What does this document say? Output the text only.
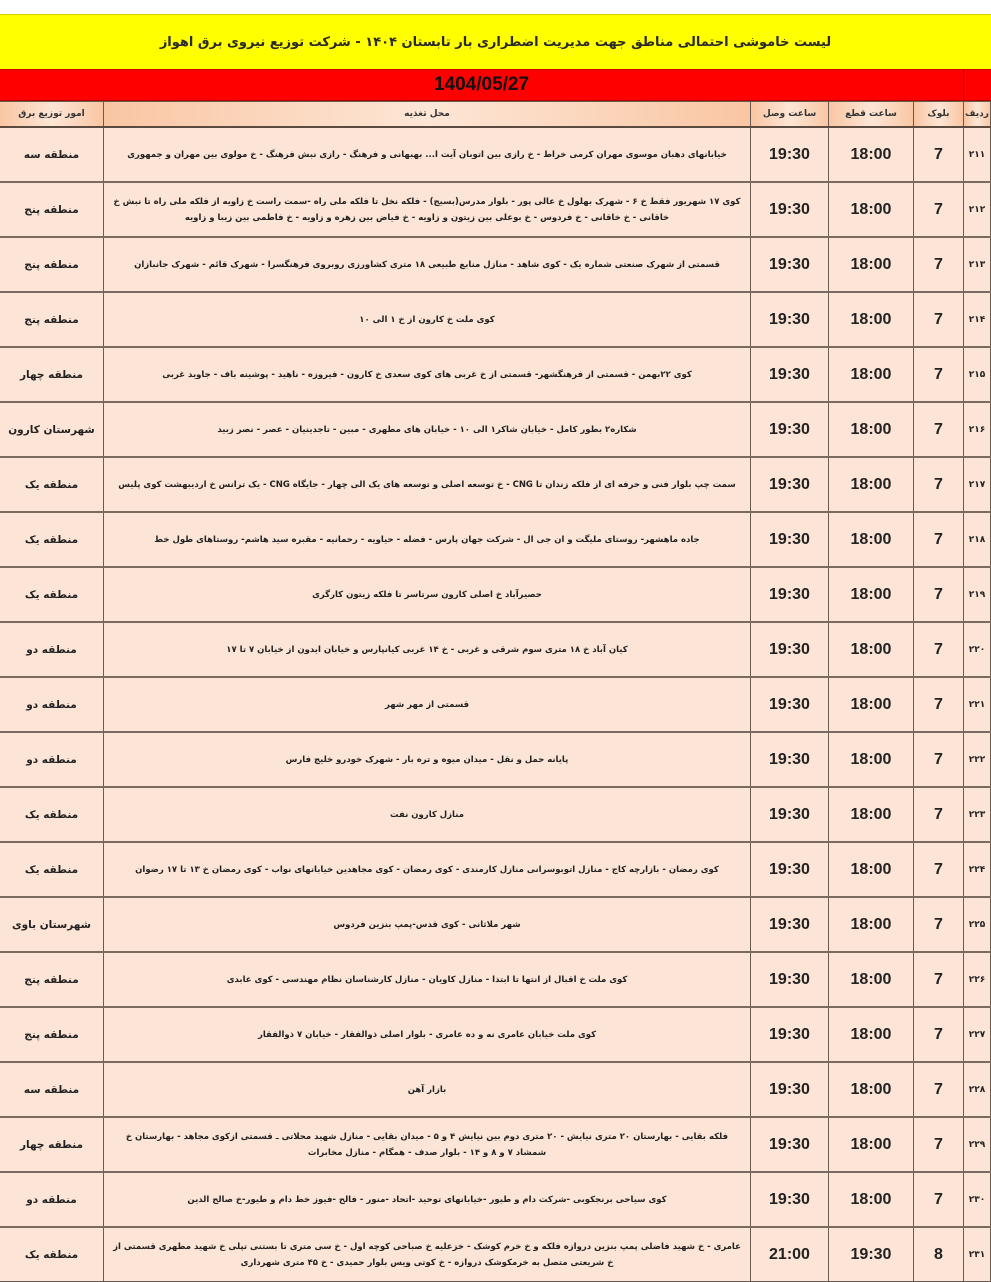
لیست خاموشی احتمالی مناطق جهت مدیریت اضطراری بار تابستان ۱۴۰۴ - شرکت توزیع نیروی برق اهواز
1404/05/27
ردیف	بلوک	ساعت قطع	ساعت وصل	محل تغذیه	امور توزیع برق
۲۱۱	7	18:00	19:30	خیابانهای دهبان موسوی مهران کرمی خراط - خ رازی بین اتوبان آیت ا... بهبهانی و فرهنگ - رازی نبش فرهنگ - خ مولوی بین مهران و جمهوری	منطقه سه
۲۱۲	7	18:00	19:30	کوی ۱۷ شهریور فقط خ ۶ - شهرک بهلول خ عالی پور - بلوار مدرس(بسیج) - فلکه نخل تا فلکه ملی راه -سمت راست خ زاویه از فلکه ملی راه تا نبش خ خاقانی - خ خاقانی - خ فردوس - خ بوعلی بین زیتون و زاویه - خ فیاض بین زهره و زاویه - خ فاطمی بین زیبا و زاویه	منطقه پنج
۲۱۳	7	18:00	19:30	قسمتی از شهرک صنعتی شماره یک - کوی شاهد - منازل منابع طبیعی ۱۸ متری کشاورزی روبروی فرهنگسرا - شهرک قائم - شهرک جانبازان	منطقه پنج
۲۱۴	7	18:00	19:30	کوی ملت خ کارون از خ ۱ الی ۱۰	منطقه پنج
۲۱۵	7	18:00	19:30	کوی ۲۲بهمن - قسمتی از فرهنگشهر- قسمتی از خ غربی های کوی سعدی خ کارون - فیروزه - ناهید - پوشینه باف - جاوید غربی	منطقه چهار
۲۱۶	7	18:00	19:30	شکاره۲ بطور کامل - خیابان شاکر۱ الی ۱۰ - خیابان های مطهری - مبین - تاجدینیان - عصر - نصر زبید	شهرستان کارون
۲۱۷	7	18:00	19:30	سمت چپ بلوار فنی و حرفه ای از فلکه زندان تا CNG - خ توسعه اصلی و توسعه های یک الی چهار - جایگاه CNG - یک ترانس خ اردیبهشت کوی پلیس	منطقه یک
۲۱۸	7	18:00	19:30	جاده ماهشهر- روستای ملیگت و ان جی ال - شرکت جهان پارس - فضله - حیاویه - رحمانیه - مقبره سید هاشم- روستاهای طول خط	منطقه یک
۲۱۹	7	18:00	19:30	حصیرآباد خ اصلی کارون سرتاسر تا فلکه زیتون کارگری	منطقه یک
۲۲۰	7	18:00	19:30	کیان آباد خ ۱۸ متری سوم شرقی و غربی - خ ۱۴ غربی کیانپارس و خیابان ایدون از خیابان ۷ تا ۱۷	منطقه دو
۲۲۱	7	18:00	19:30	قسمتی از مهر شهر	منطقه دو
۲۲۲	7	18:00	19:30	پایانه حمل و نقل - میدان میوه و تره بار - شهرک خودرو خلیج فارس	منطقه دو
۲۲۳	7	18:00	19:30	منازل کارون نفت	منطقه یک
۲۲۴	7	18:00	19:30	کوی رمضان - بازارچه کاج - منازل اتوبوسرانی منازل کارمندی - کوی رمضان - کوی مجاهدین خیابانهای نواب - کوی رمضان خ ۱۳ تا ۱۷ رضوان	منطقه یک
۲۲۵	7	18:00	19:30	شهر ملاثانی - کوی قدس-پمپ بنزین فردوس	شهرستان باوی
۲۲۶	7	18:00	19:30	کوی ملت خ اقبال از انتها تا ابتدا - منازل کاویان - منازل کارشناسان نظام مهندسی - کوی عابدی	منطقه پنج
۲۲۷	7	18:00	19:30	کوی ملت خیابان عامری نه و ده عامری - بلوار اصلی ذوالفقار - خیابان ۷ ذوالفقار	منطقه پنج
۲۲۸	7	18:00	19:30	بازار آهن	منطقه سه
۲۲۹	7	18:00	19:30	فلکه بقایی - بهارستان ۲۰ متری نیایش - ۲۰ متری دوم بین نیایش ۴ و ۵ - میدان بقایی - منازل شهید محلاتی ـ قسمتی ازکوی مجاهد - بهارستان خ شمشاد ۷ و ۸ و ۱۴ - بلوار صدف - همگام - منازل مخابرات	منطقه چهار
۲۳۰	7	18:00	19:30	کوی سیاحی برنجکوبی -شرکت دام و طیور -خیابانهای توحید -اتحاد -منور - فالح -فیوز خط دام و طیور-خ صالح الدین	منطقه دو
۲۳۱	8	19:30	21:00	عامری - خ شهید فاضلی پمپ بنزین دروازه فلکه و خ خرم کوشک - خزعلیه خ صباحی کوچه اول - خ سی متری تا بستنی تپلی خ شهید مطهری قسمتی از خ شریعتی متصل به خرمکوشک دروازه - خ کوتی ویس بلوار حمیدی - خ ۴۵ متری شهرداری	منطقه یک
